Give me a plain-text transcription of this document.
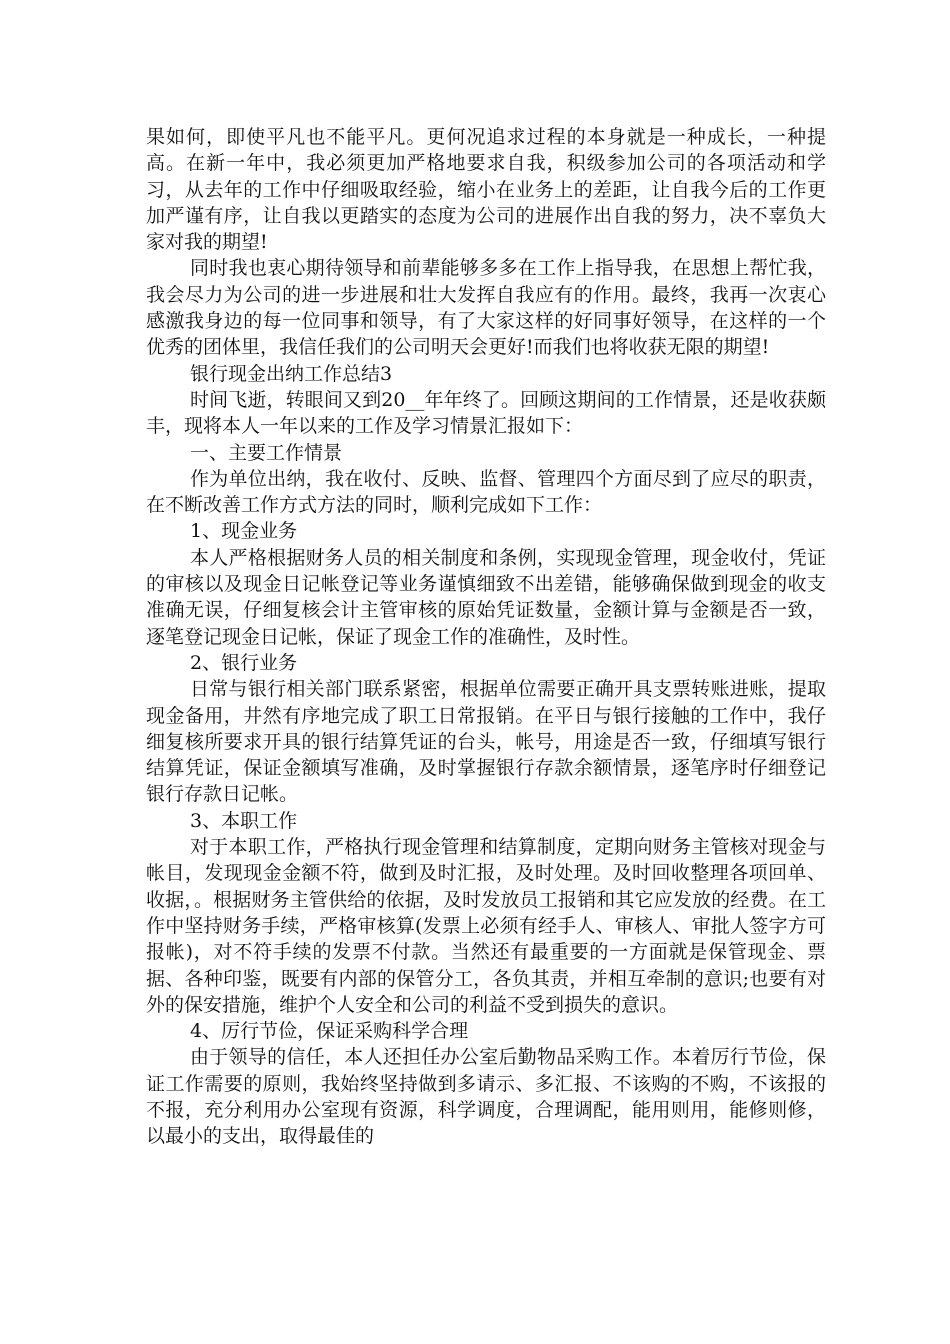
果如何，即使平凡也不能平凡。更何况追求过程的本身就是一种成长，一种提高。在新一年中，我必须更加严格地要求自我，积级参加公司的各项活动和学习，从去年的工作中仔细吸取经验，缩小在业务上的差距，让自我今后的工作更加严谨有序，让自我以更踏实的态度为公司的进展作出自我的努力，决不辜负大家对我的期望!

同时我也衷心期待领导和前辈能够多多在工作上指导我，在思想上帮忙我，我会尽力为公司的进一步进展和壮大发挥自我应有的作用。最终，我再一次衷心感激我身边的每一位同事和领导，有了大家这样的好同事好领导，在这样的一个优秀的团体里，我信任我们的公司明天会更好!而我们也将收获无限的期望!

银行现金出纳工作总结3

时间飞逝，转眼间又到20__年年终了。回顾这期间的工作情景，还是收获颇丰，现将本人一年以来的工作及学习情景汇报如下：

一、主要工作情景

作为单位出纳，我在收付、反映、监督、管理四个方面尽到了应尽的职责，在不断改善工作方式方法的同时，顺利完成如下工作：

1、现金业务

本人严格根据财务人员的相关制度和条例，实现现金管理，现金收付，凭证的审核以及现金日记帐登记等业务谨慎细致不出差错，能够确保做到现金的收支准确无误，仔细复核会计主管审核的原始凭证数量，金额计算与金额是否一致，逐笔登记现金日记帐，保证了现金工作的准确性，及时性。

2、银行业务

日常与银行相关部门联系紧密，根据单位需要正确开具支票转账进账，提取现金备用，井然有序地完成了职工日常报销。在平日与银行接触的工作中，我仔细复核所要求开具的银行结算凭证的台头，帐号，用途是否一致，仔细填写银行结算凭证，保证金额填写准确，及时掌握银行存款余额情景，逐笔序时仔细登记银行存款日记帐。

3、本职工作

对于本职工作，严格执行现金管理和结算制度，定期向财务主管核对现金与帐目，发现现金金额不符，做到及时汇报，及时处理。及时回收整理各项回单、收据，。根据财务主管供给的依据，及时发放员工报销和其它应发放的经费。在工作中坚持财务手续，严格审核算(发票上必须有经手人、审核人、审批人签字方可报帐)，对不符手续的发票不付款。当然还有最重要的一方面就是保管现金、票据、各种印鉴，既要有内部的保管分工，各负其责，并相互牵制的意识;也要有对外的保安措施，维护个人安全和公司的利益不受到损失的意识。

4、厉行节俭，保证采购科学合理

由于领导的信任，本人还担任办公室后勤物品采购工作。本着厉行节俭，保证工作需要的原则，我始终坚持做到多请示、多汇报、不该购的不购，不该报的不报，充分利用办公室现有资源，科学调度，合理调配，能用则用，能修则修，以最小的支出，取得最佳的
